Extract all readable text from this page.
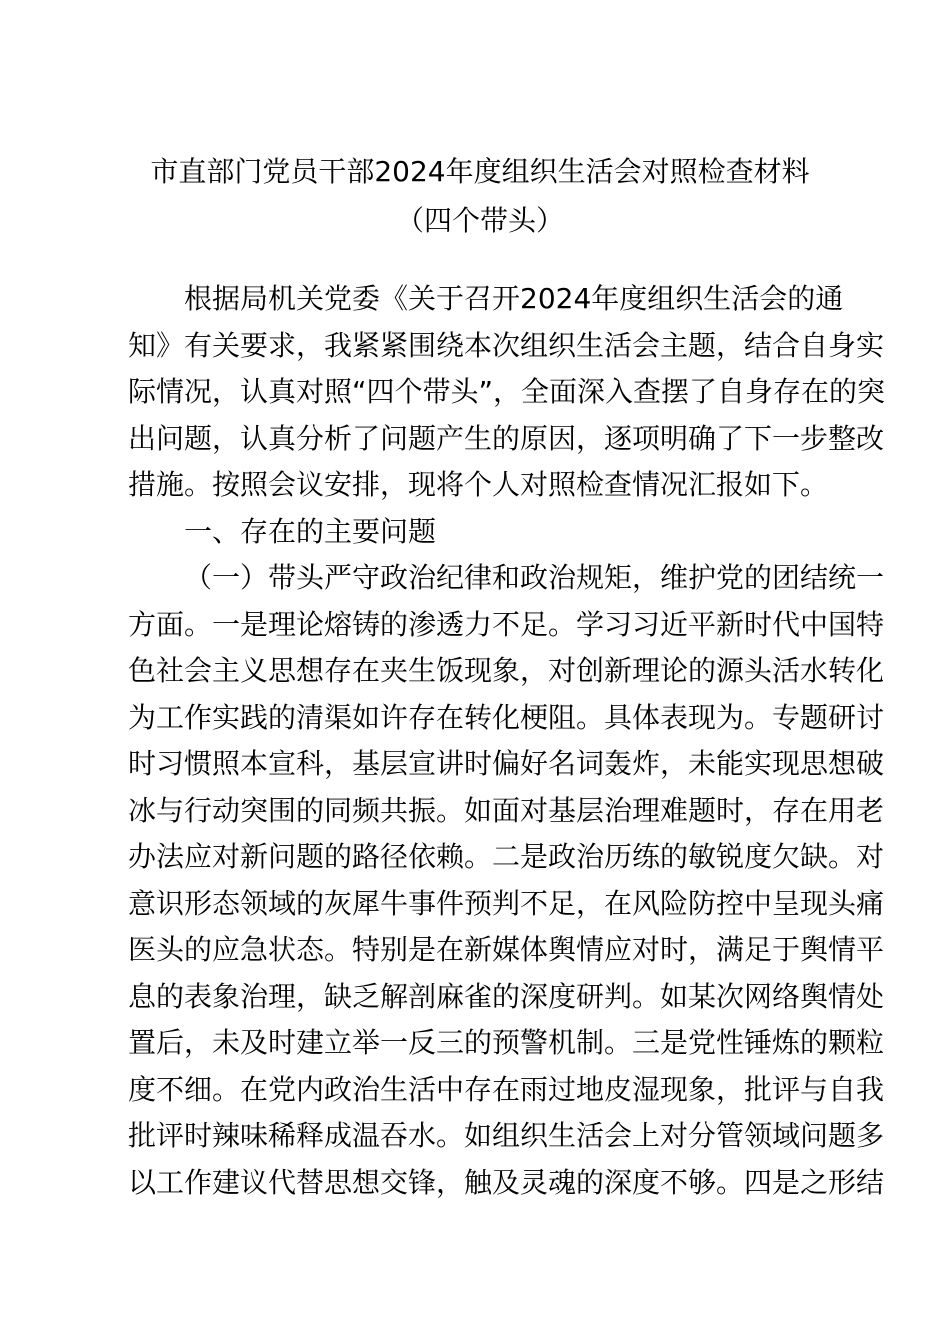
市直部门党员干部2024年度组织生活会对照检查材料
（四个带头）
根据局机关党委《关于召开2024年度组织生活会的通
知》有关要求，我紧紧围绕本次组织生活会主题，结合自身实
际情况，认真对照“四个带头”，全面深入查摆了自身存在的突
出问题，认真分析了问题产生的原因，逐项明确了下一步整改
措施。按照会议安排，现将个人对照检查情况汇报如下。
一、存在的主要问题
（一）带头严守政治纪律和政治规矩，维护党的团结统一
方面。一是理论熔铸的渗透力不足。学习习近平新时代中国特
色社会主义思想存在夹生饭现象，对创新理论的源头活水转化
为工作实践的清渠如许存在转化梗阻。具体表现为。专题研讨
时习惯照本宣科，基层宣讲时偏好名词轰炸，未能实现思想破
冰与行动突围的同频共振。如面对基层治理难题时，存在用老
办法应对新问题的路径依赖。二是政治历练的敏锐度欠缺。对
意识形态领域的灰犀牛事件预判不足，在风险防控中呈现头痛
医头的应急状态。特别是在新媒体舆情应对时，满足于舆情平
息的表象治理，缺乏解剖麻雀的深度研判。如某次网络舆情处
置后，未及时建立举一反三的预警机制。三是党性锤炼的颗粒
度不细。在党内政治生活中存在雨过地皮湿现象，批评与自我
批评时辣味稀释成温吞水。如组织生活会上对分管领域问题多
以工作建议代替思想交锋，触及灵魂的深度不够。四是之形结
